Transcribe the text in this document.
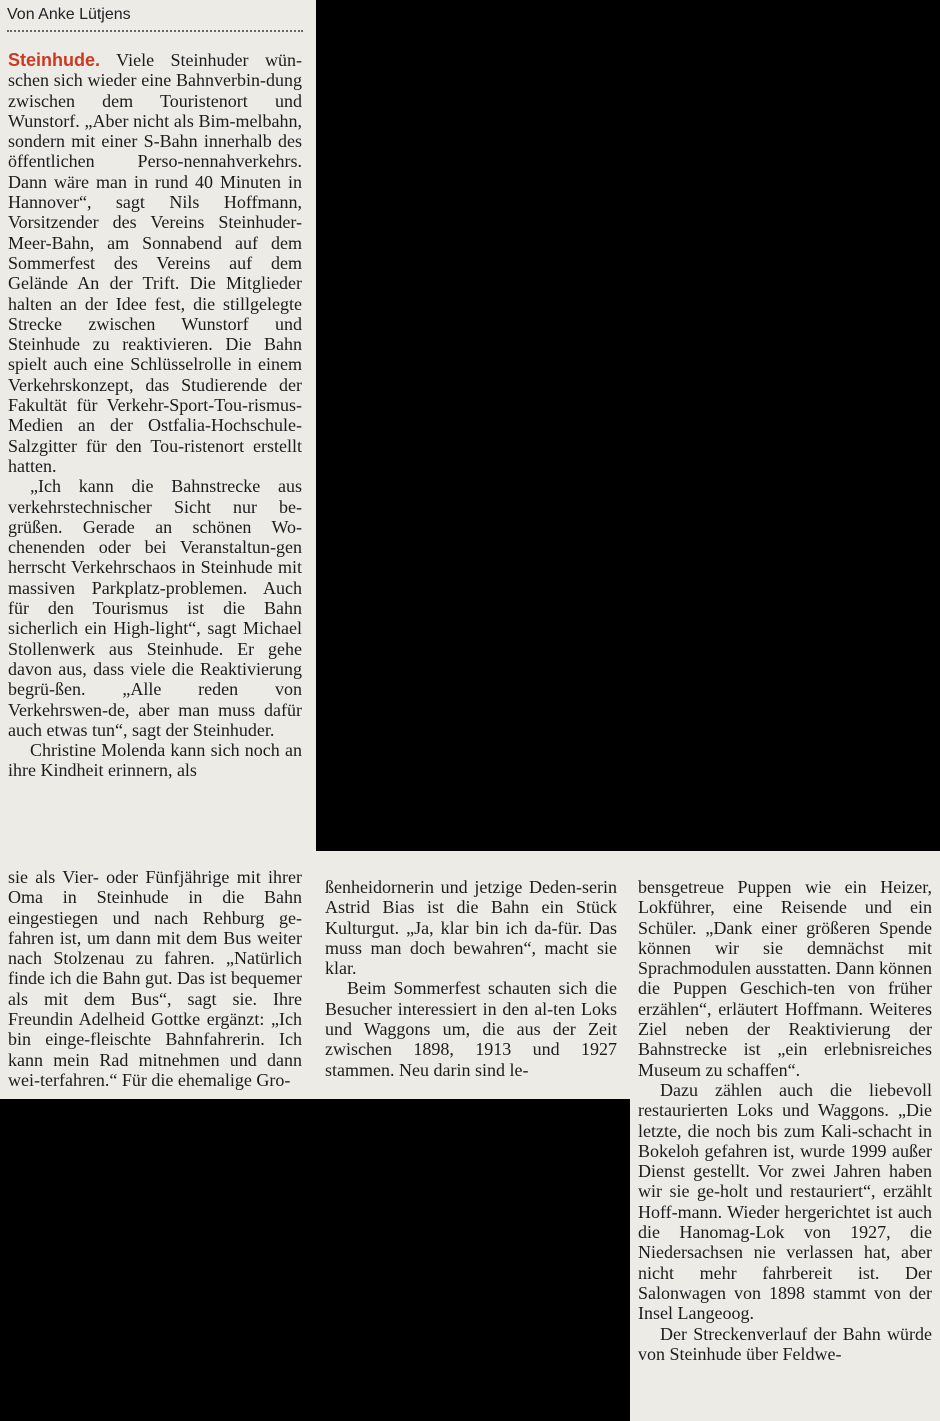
Von Anke Lütjens

Steinhude. Viele Steinhuder wün-schen sich wieder eine Bahnverbin-dung zwischen dem Touristenort und Wunstorf. „Aber nicht als Bim-melbahn, sondern mit einer S-Bahn innerhalb des öffentlichen Perso-nennahverkehrs. Dann wäre man in rund 40 Minuten in Hannover“, sagt Nils Hoffmann, Vorsitzender des Vereins Steinhuder-Meer-Bahn, am Sonnabend auf dem Sommerfest des Vereins auf dem Gelände An der Trift. Die Mitglieder halten an der Idee fest, die stillgelegte Strecke zwischen Wunstorf und Steinhude zu reaktivieren. Die Bahn spielt auch eine Schlüsselrolle in einem Verkehrskonzept, das Studierende der Fakultät für Verkehr-Sport-Tou-rismus-Medien an der Ostfalia-Hochschule-Salzgitter für den Tou-ristenort erstellt hatten.

„Ich kann die Bahnstrecke aus verkehrstechnischer Sicht nur be-grüßen. Gerade an schönen Wo-chenenden oder bei Veranstaltun-gen herrscht Verkehrschaos in Steinhude mit massiven Parkplatz-problemen. Auch für den Tourismus ist die Bahn sicherlich ein High-light“, sagt Michael Stollenwerk aus Steinhude. Er gehe davon aus, dass viele die Reaktivierung begrü-ßen. „Alle reden von Verkehrswen-de, aber man muss dafür auch etwas tun“, sagt der Steinhuder.

Christine Molenda kann sich noch an ihre Kindheit erinnern, als

sie als Vier- oder Fünfjährige mit ihrer Oma in Steinhude in die Bahn eingestiegen und nach Rehburg ge-fahren ist, um dann mit dem Bus weiter nach Stolzenau zu fahren. „Natürlich finde ich die Bahn gut. Das ist bequemer als mit dem Bus“, sagt sie. Ihre Freundin Adelheid Gottke ergänzt: „Ich bin einge-fleischte Bahnfahrerin. Ich kann mein Rad mitnehmen und dann wei-terfahren.“ Für die ehemalige Gro-

ßenheidornerin und jetzige Deden-serin Astrid Bias ist die Bahn ein Stück Kulturgut. „Ja, klar bin ich da-für. Das muss man doch bewahren“, macht sie klar.

Beim Sommerfest schauten sich die Besucher interessiert in den al-ten Loks und Waggons um, die aus der Zeit zwischen 1898, 1913 und 1927 stammen. Neu darin sind le-

bensgetreue Puppen wie ein Heizer, Lokführer, eine Reisende und ein Schüler. „Dank einer größeren Spende können wir sie demnächst mit Sprachmodulen ausstatten. Dann können die Puppen Geschich-ten von früher erzählen“, erläutert Hoffmann. Weiteres Ziel neben der Reaktivierung der Bahnstrecke ist „ein erlebnisreiches Museum zu schaffen“.

Dazu zählen auch die liebevoll restaurierten Loks und Waggons. „Die letzte, die noch bis zum Kali-schacht in Bokeloh gefahren ist, wurde 1999 außer Dienst gestellt. Vor zwei Jahren haben wir sie ge-holt und restauriert“, erzählt Hoff-mann. Wieder hergerichtet ist auch die Hanomag-Lok von 1927, die Niedersachsen nie verlassen hat, aber nicht mehr fahrbereit ist. Der Salonwagen von 1898 stammt von der Insel Langeoog.

Der Streckenverlauf der Bahn würde von Steinhude über Feldwe-
